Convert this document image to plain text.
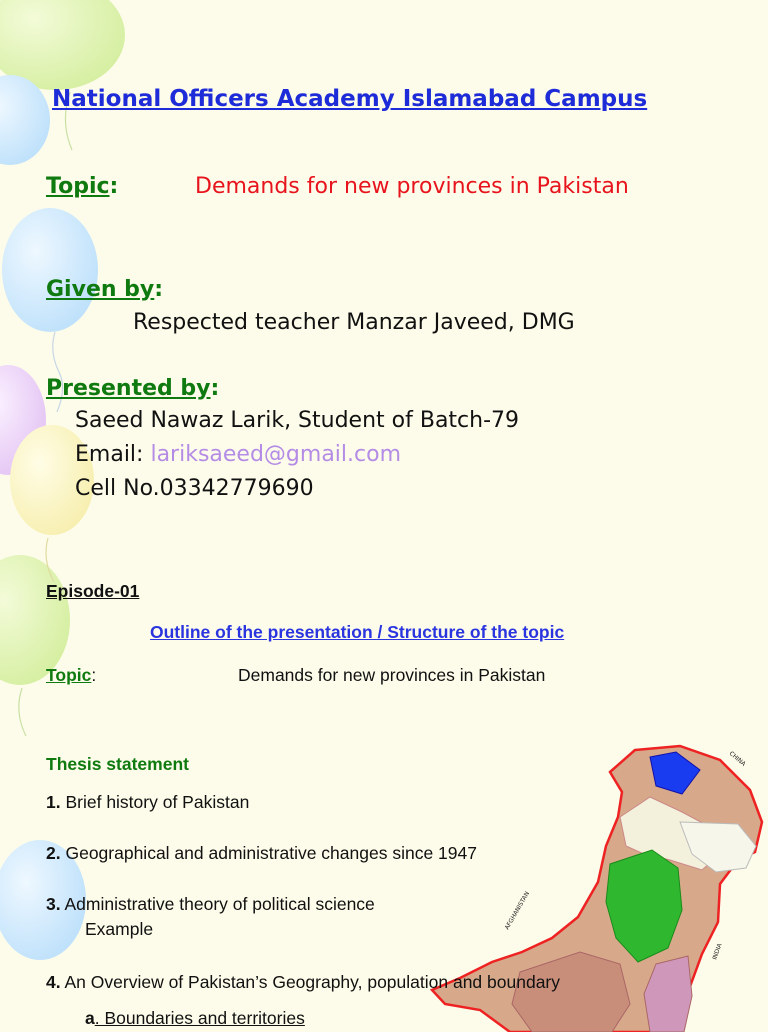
CHINA
AFGHANISTAN
INDIA
National Officers Academy Islamabad Campus
Topic:	Demands for new provinces in Pakistan
Given by:
Respected teacher Manzar Javeed, DMG
Presented by:
Saeed Nawaz Larik, Student of Batch-79
Email: lariksaeed@gmail.com
Cell No.03342779690
Episode-01
Outline of the presentation / Structure of the topic
Topic:	Demands for new provinces in Pakistan
Thesis statement
1. Brief history of Pakistan
2. Geographical and administrative changes since 1947
3. Administrative theory of political science
Example
4. An Overview of Pakistan’s Geography, population and boundary
a. Boundaries and territories
